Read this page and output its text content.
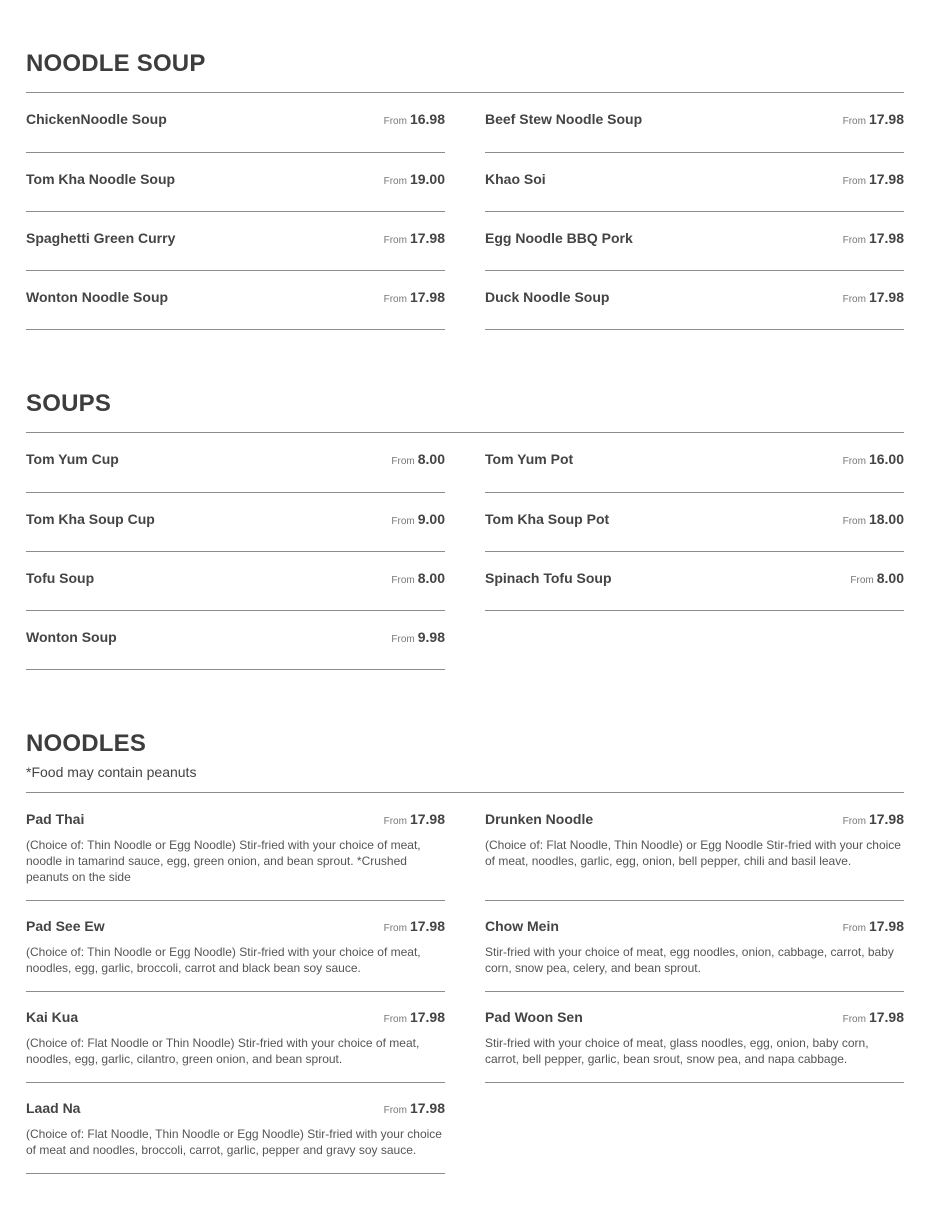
NOODLE SOUP
ChickenNoodle Soup	From 16.98	Beef Stew Noodle Soup	From 17.98
Tom Kha Noodle Soup	From 19.00	Khao Soi	From 17.98
Spaghetti Green Curry	From 17.98	Egg Noodle BBQ Pork	From 17.98
Wonton Noodle Soup	From 17.98	Duck Noodle Soup	From 17.98
SOUPS
Tom Yum Cup	From 8.00	Tom Yum Pot	From 16.00
Tom Kha Soup Cup	From 9.00	Tom Kha Soup Pot	From 18.00
Tofu Soup	From 8.00	Spinach Tofu Soup	From 8.00
Wonton Soup	From 9.98
NOODLES
*Food may contain peanuts
Pad Thai	From 17.98

(Choice of: Thin Noodle or Egg Noodle) Stir-fried with your choice of meat, noodle in tamarind sauce, egg, green onion, and bean sprout. *Crushed peanuts on the side

Drunken Noodle	From 17.98

(Choice of: Flat Noodle, Thin Noodle) or Egg Noodle Stir-fried with your choice of meat, noodles, garlic, egg, onion, bell pepper, chili and basil leave.

Pad See Ew	From 17.98

(Choice of: Thin Noodle or Egg Noodle) Stir-fried with your choice of meat, noodles, egg, garlic, broccoli, carrot and black bean soy sauce.

Chow Mein	From 17.98

Stir-fried with your choice of meat, egg noodles, onion, cabbage, carrot, baby corn, snow pea, celery, and bean sprout.

Kai Kua	From 17.98

(Choice of: Flat Noodle or Thin Noodle) Stir-fried with your choice of meat, noodles, egg, garlic, cilantro, green onion, and bean sprout.

Pad Woon Sen	From 17.98

Stir-fried with your choice of meat, glass noodles, egg, onion, baby corn, carrot, bell pepper, garlic, bean srout, snow pea, and napa cabbage.

Laad Na	From 17.98

(Choice of: Flat Noodle, Thin Noodle or Egg Noodle) Stir-fried with your choice of meat and noodles, broccoli, carrot, garlic, pepper and gravy soy sauce.
